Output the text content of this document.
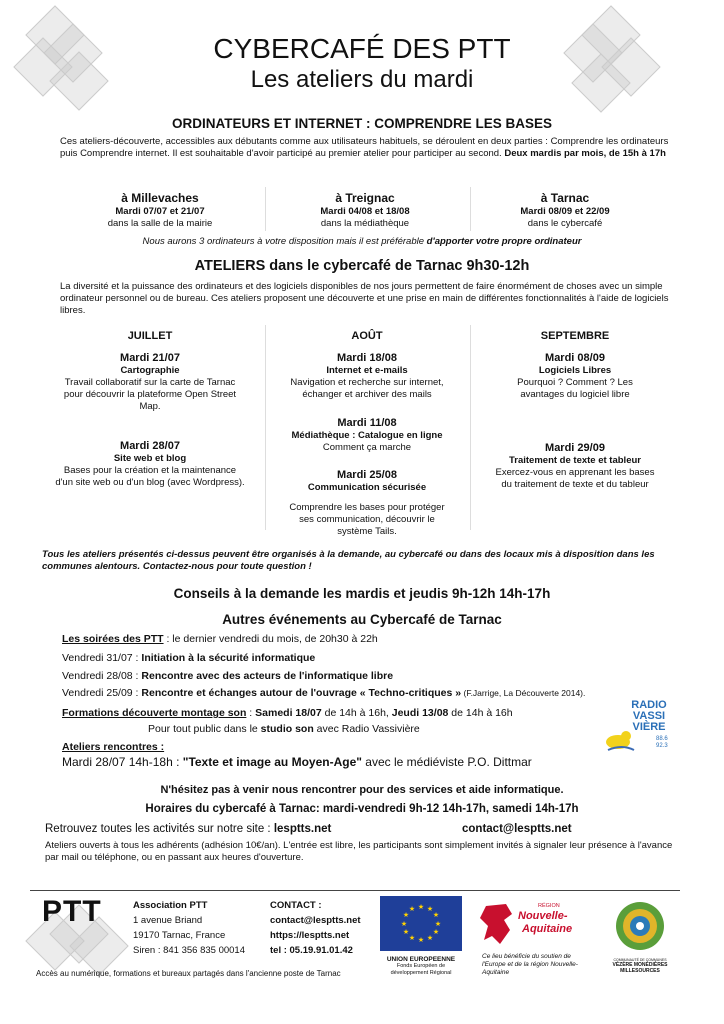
CYBERCAFÉ DES PTT
Les ateliers du mardi
ORDINATEURS ET INTERNET : COMPRENDRE LES BASES
Ces ateliers-découverte, accessibles aux débutants comme aux utilisateurs habituels, se déroulent en deux parties : Comprendre les ordinateurs puis Comprendre internet. Il est souhaitable d'avoir participé au premier atelier pour participer au second. Deux mardis par mois, de 15h à 17h
à Millevaches
Mardi 07/07 et 21/07
dans la salle de la mairie
à Treignac
Mardi 04/08 et 18/08
dans la médiathèque
à Tarnac
Mardi 08/09 et 22/09
dans le cybercafé
Nous aurons 3 ordinateurs à votre disposition mais il est préférable d'apporter votre propre ordinateur
ATELIERS dans le cybercafé de Tarnac 9h30-12h
La diversité et la puissance des ordinateurs et des logiciels disponibles de nos jours permettent de faire énormément de choses avec un simple ordinateur personnel ou de bureau. Ces ateliers proposent une découverte et une prise en main de différentes fonctionnalités à l'aide de logiciels libres.
JUILLET
Mardi 21/07
Cartographie
Travail collaboratif sur la carte de Tarnac pour découvrir la plateforme Open Street Map.
Mardi 28/07
Site web et blog
Bases pour la création et la maintenance d'un site web ou d'un blog (avec Wordpress).
AOÛT
Mardi 18/08
Internet et e-mails
Navigation et recherche sur internet, échanger et archiver des mails
Mardi 11/08
Médiathèque : Catalogue en ligne
Comment ça marche
Mardi 25/08
Communication sécurisée
Comprendre les bases pour protéger ses communication, découvrir le système Tails.
SEPTEMBRE
Mardi 08/09
Logiciels Libres
Pourquoi ? Comment ? Les avantages du logiciel libre
Mardi 29/09
Traitement de texte et tableur
Exercez-vous en apprenant les bases du traitement de texte et du tableur
Tous les ateliers présentés ci-dessus peuvent être organisés à la demande, au cybercafé ou dans des locaux mis à disposition dans les communes alentours. Contactez-nous pour toute question !
Conseils à la demande les mardis et jeudis 9h-12h 14h-17h
Autres événements au Cybercafé de Tarnac
Les soirées des PTT : le dernier vendredi du mois, de 20h30 à 22h
Vendredi 31/07 : Initiation à la sécurité informatique
Vendredi 28/08 : Rencontre avec des acteurs de l'informatique libre
Vendredi 25/09 : Rencontre et échanges autour de l'ouvrage « Techno-critiques » (F.Jarrige, La Découverte 2014).
Formations découverte montage son : Samedi 18/07 de 14h à 16h, Jeudi 13/08 de 14h à 16h
Pour tout public dans le studio son avec Radio Vassivière
Ateliers rencontres :
Mardi 28/07 14h-18h : "Texte et image au Moyen-Age" avec le médiéviste P.O. Dittmar
RADIO
VASSI
VIÈRE
88.6
92.3
N'hésitez pas à venir nous rencontrer pour des services et aide informatique.
Horaires du cybercafé à Tarnac: mardi-vendredi 9h-12 14h-17h, samedi 14h-17h
Retrouvez toutes les activités sur notre site : lesptts.net	contact@lesptts.net
Ateliers ouverts à tous les adhérents (adhésion 10€/an). L'entrée est libre, les participants sont simplement invités à signaler leur présence à l'avance par mail ou téléphone, ou en passant aux heures d'ouverture.
PTT	Association PTT
1 avenue Briand
19170 Tarnac, France
Siren : 841 356 835 00014
CONTACT :
contact@lesptts.net
https://lesptts.net
tel : 05.19.91.01.42
Accès au numérique, formations et bureaux partagés dans l'ancienne poste de Tarnac
★ ★
★
★
★
★
★
★
★
★
★
★
UNION EUROPEENNE
Fonds Européen de développement Régional
RÉGION
Nouvelle-
Aquitaine
Ce lieu bénéficie du soutien de l'Europe et de la région Nouvelle-Aquitaine
COMMUNAUTÉ DE COMMUNES
VÉZÈRE MONÉDIÈRES MILLESOURCES
